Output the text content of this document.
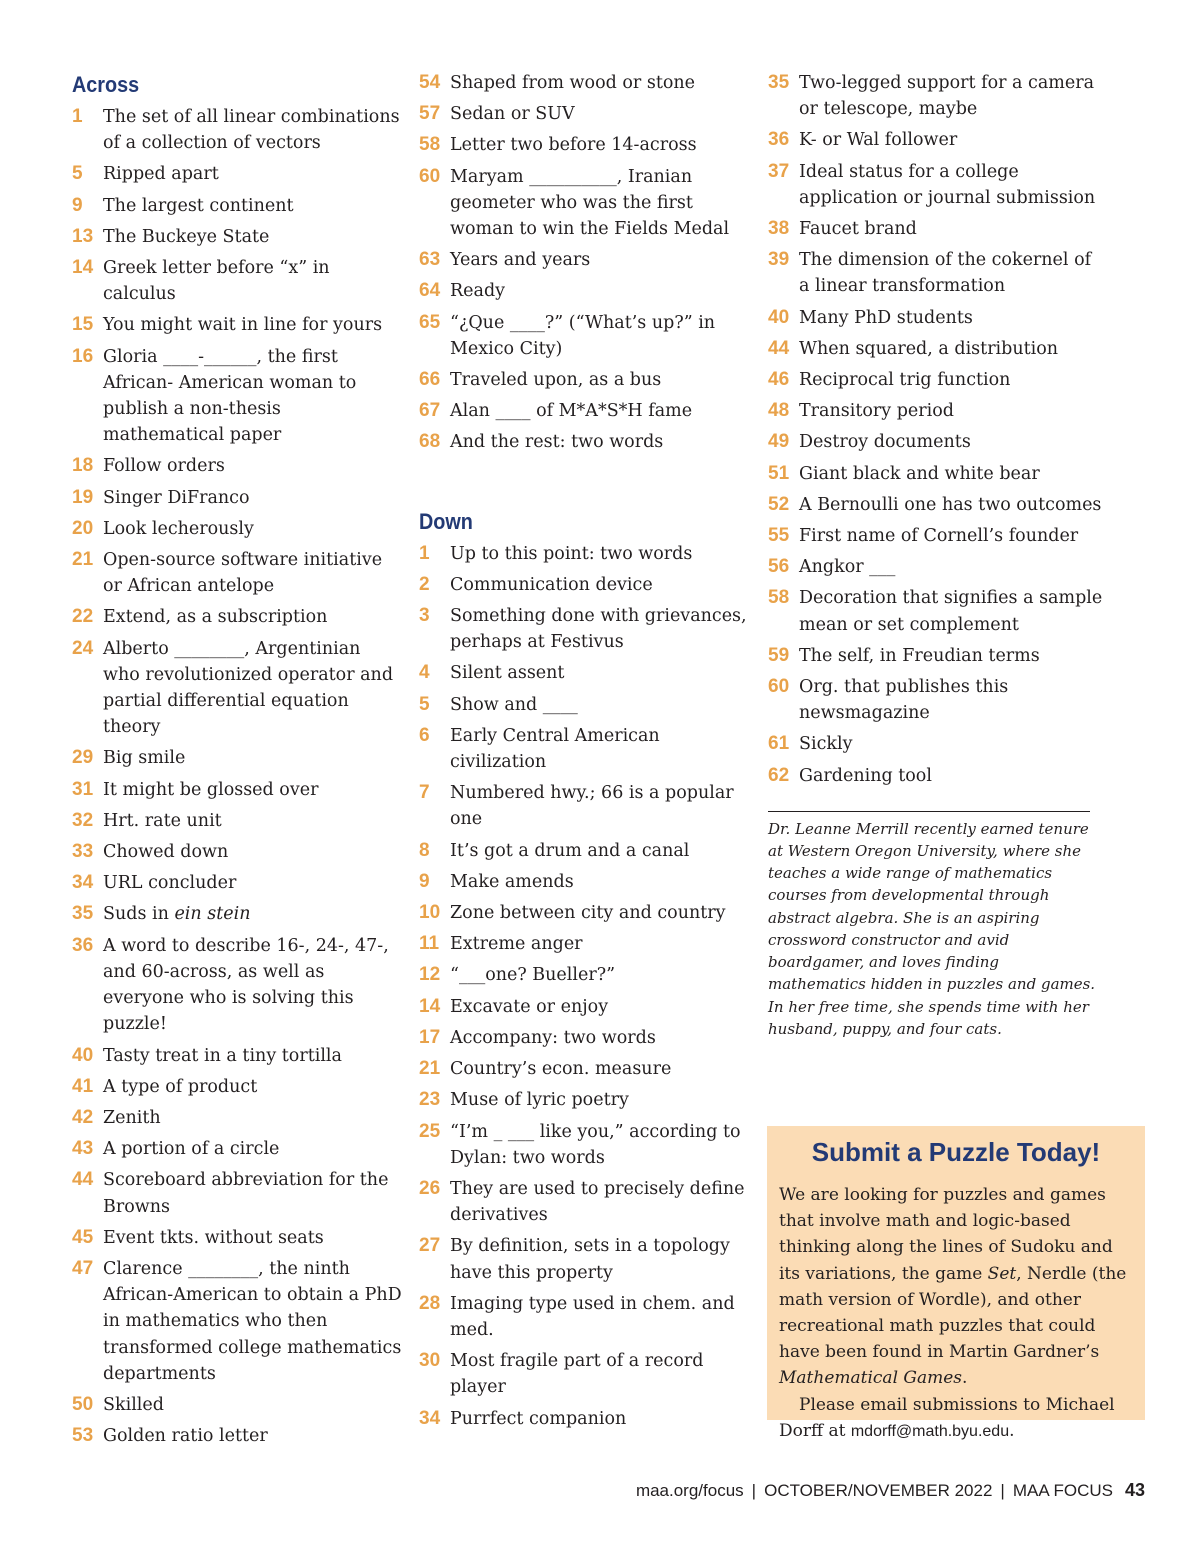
Across
1	The set of all linear combinations of a collection of vectors
5	Ripped apart
9	The largest continent
13 The Buckeye State
14 Greek letter before “x” in calculus
15 You might wait in line for yours
16 Gloria ____-______, the first African- American woman to publish a non-thesis mathematical paper
18 Follow orders
19 Singer DiFranco
20 Look lecherously
21 Open-source software initiative or African antelope
22 Extend, as a subscription
24 Alberto ________, Argentinian who revolutionized operator and partial differential equation theory
29 Big smile
31 It might be glossed over
32 Hrt. rate unit
33 Chowed down
34 URL concluder
35 Suds in ein stein
36 A word to describe 16-, 24-, 47-, and 60-across, as well as everyone who is solving this puzzle!
40 Tasty treat in a tiny tortilla
41 A type of product
42 Zenith
43 A portion of a circle
44 Scoreboard abbreviation for the Browns
45 Event tkts. without seats
47 Clarence ________, the ninth African-American to obtain a PhD in mathematics who then transformed college mathematics departments
50 Skilled
53 Golden ratio letter
54 Shaped from wood or stone
57 Sedan or SUV
58 Letter two before 14-across
60 Maryam __________, Iranian geometer who was the first woman to win the Fields Medal
63 Years and years
64 Ready
65 “¿Que ____?” (“What’s up?” in Mexico City)
66 Traveled upon, as a bus
67 Alan ____ of M*A*S*H fame
68 And the rest: two words
Down
1	Up to this point: two words
2	Communication device
3	Something done with grievances, perhaps at Festivus
4	Silent assent
5	Show and ____
6	Early Central American civilization
7	Numbered hwy.; 66 is a popular one
8	It’s got a drum and a canal
9	Make amends
10 Zone between city and country
11 Extreme anger
12 “___one? Bueller?”
14 Excavate or enjoy
17 Accompany: two words
21 Country’s econ. measure
23 Muse of lyric poetry
25 “I’m _ ___ like you,” according to Dylan: two words
26 They are used to precisely define derivatives
27 By definition, sets in a topology have this property
28 Imaging type used in chem. and med.
30 Most fragile part of a record player
34 Purrfect companion
35 Two-legged support for a camera or telescope, maybe
36 K- or Wal follower
37 Ideal status for a college application or journal submission
38 Faucet brand
39 The dimension of the cokernel of a linear transformation
40 Many PhD students
44 When squared, a distribution
46 Reciprocal trig function
48 Transitory period
49 Destroy documents
51 Giant black and white bear
52 A Bernoulli one has two outcomes
55 First name of Cornell’s founder
56 Angkor ___
58 Decoration that signifies a sample mean or set complement
59 The self, in Freudian terms
60 Org. that publishes this newsmagazine
61 Sickly
62 Gardening tool
Dr. Leanne Merrill recently earned tenure at Western Oregon University, where she teaches a wide range of mathematics courses from developmental through abstract algebra. She is an aspiring crossword constructor and avid boardgamer, and loves finding mathematics hidden in puzzles and games. In her free time, she spends time with her husband, puppy, and four cats.
Submit a Puzzle Today!

We are looking for puzzles and games that involve math and logic-based thinking along the lines of Sudoku and its variations, the game Set, Nerdle (the math version of Wordle), and other recreational math puzzles that could have been found in Martin Gardner’s Mathematical Games.

Please email submissions to Michael Dorff at mdorff@math.byu.edu.

maa.org/focus | OCTOBER/NOVEMBER 2022 | MAA FOCUS 43
